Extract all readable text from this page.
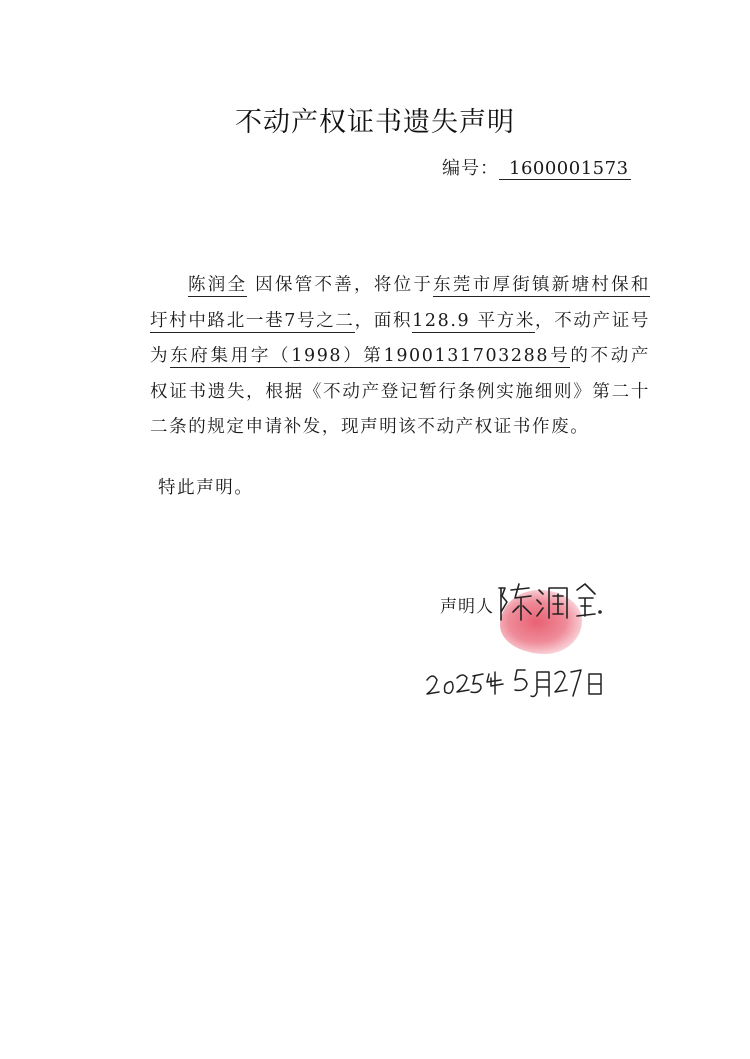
不动产权证书遗失声明
编号： 1600001573

陈润全 因保管不善，将位于东莞市厚街镇新塘村保和圩村中路北一巷7号之二，面积128.9 平方米，不动产证号为东府集用字（1998）第1900131703288号的不动产权证书遗失，根据《不动产登记暂行条例实施细则》第二十二条的规定申请补发，现声明该不动产权证书作废。

特此声明。
声明人
